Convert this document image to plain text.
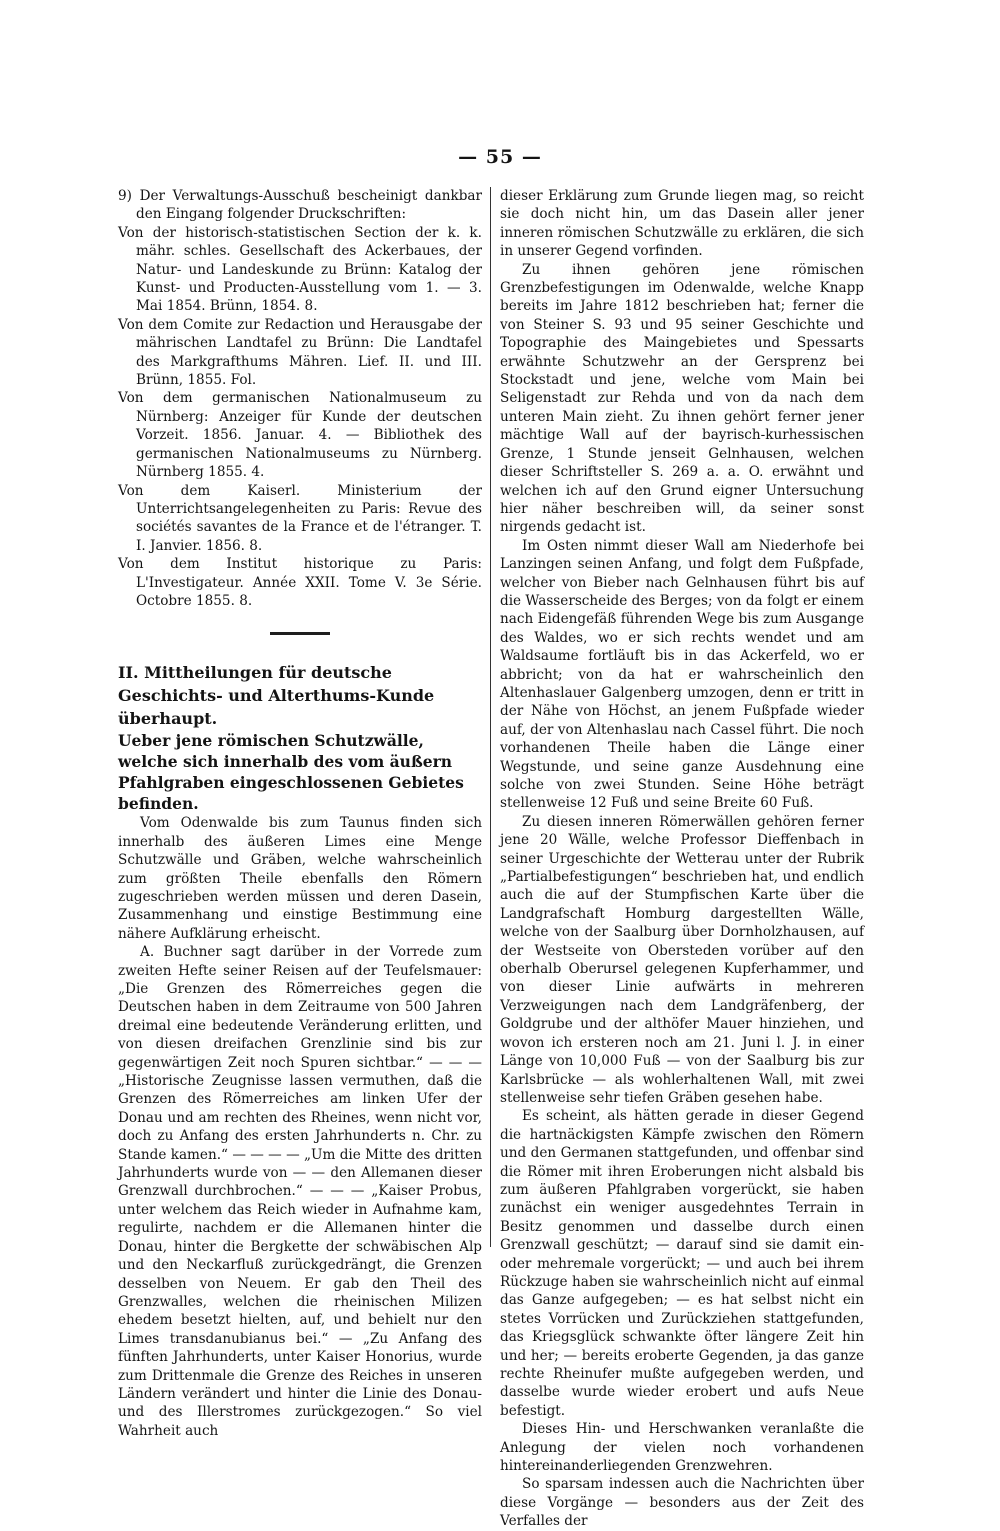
— 55 —

9) Der Verwaltungs-Ausschuß bescheinigt dankbar den Eingang folgender Druckschriften:

Von der historisch-statistischen Section der k. k. mähr. schles. Gesellschaft des Ackerbaues, der Natur- und Landeskunde zu Brünn: Katalog der Kunst- und Producten-Ausstellung vom 1. — 3. Mai 1854. Brünn, 1854. 8.

Von dem Comite zur Redaction und Herausgabe der mährischen Landtafel zu Brünn: Die Landtafel des Markgrafthums Mähren. Lief. II. und III. Brünn, 1855. Fol.

Von dem germanischen Nationalmuseum zu Nürnberg: Anzeiger für Kunde der deutschen Vorzeit. 1856. Januar. 4. — Bibliothek des germanischen Nationalmuseums zu Nürnberg. Nürnberg 1855. 4.

Von dem Kaiserl. Ministerium der Unterrichtsangelegenheiten zu Paris: Revue des sociétés savantes de la France et de l'étranger. T. I. Janvier. 1856. 8.

Von dem Institut historique zu Paris: L'Investigateur. Année XXII. Tome V. 3e Série. Octobre 1855. 8.

II. Mittheilungen für deutsche Geschichts- und Alterthums-Kunde überhaupt.

Ueber jene römischen Schutzwälle, welche sich innerhalb des vom äußern Pfahlgraben eingeschlossenen Gebietes befinden.

Vom Odenwalde bis zum Taunus finden sich innerhalb des äußeren Limes eine Menge Schutzwälle und Gräben, welche wahrscheinlich zum größten Theile ebenfalls den Römern zugeschrieben werden müssen und deren Dasein, Zusammenhang und einstige Bestimmung eine nähere Aufklärung erheischt.

A. Buchner sagt darüber in der Vorrede zum zweiten Hefte seiner Reisen auf der Teufelsmauer: „Die Grenzen des Römerreiches gegen die Deutschen haben in dem Zeitraume von 500 Jahren dreimal eine bedeutende Veränderung erlitten, und von diesen dreifachen Grenzlinie sind bis zur gegenwärtigen Zeit noch Spuren sichtbar.“ — — — „Historische Zeugnisse lassen vermuthen, daß die Grenzen des Römerreiches am linken Ufer der Donau und am rechten des Rheines, wenn nicht vor, doch zu Anfang des ersten Jahrhunderts n. Chr. zu Stande kamen.“ — — — — „Um die Mitte des dritten Jahrhunderts wurde von — — den Allemanen dieser Grenzwall durchbrochen.“ — — — „Kaiser Probus, unter welchem das Reich wieder in Aufnahme kam, regulirte, nachdem er die Allemanen hinter die Donau, hinter die Bergkette der schwäbischen Alp und den Neckarfluß zurückgedrängt, die Grenzen desselben von Neuem. Er gab den Theil des Grenzwalles, welchen die rheinischen Milizen ehedem besetzt hielten, auf, und behielt nur den Limes transdanubianus bei.“ — „Zu Anfang des fünften Jahrhunderts, unter Kaiser Honorius, wurde zum Drittenmale die Grenze des Reiches in unseren Ländern verändert und hinter die Linie des Donau- und des Illerstromes zurückgezogen.“ So viel Wahrheit auch

dieser Erklärung zum Grunde liegen mag, so reicht sie doch nicht hin, um das Dasein aller jener inneren römischen Schutzwälle zu erklären, die sich in unserer Gegend vorfinden.

Zu ihnen gehören jene römischen Grenzbefestigungen im Odenwalde, welche Knapp bereits im Jahre 1812 beschrieben hat; ferner die von Steiner S. 93 und 95 seiner Geschichte und Topographie des Maingebietes und Spessarts erwähnte Schutzwehr an der Gersprenz bei Stockstadt und jene, welche vom Main bei Seligenstadt zur Rehda und von da nach dem unteren Main zieht. Zu ihnen gehört ferner jener mächtige Wall auf der bayrisch-kurhessischen Grenze, 1 Stunde jenseit Gelnhausen, welchen dieser Schriftsteller S. 269 a. a. O. erwähnt und welchen ich auf den Grund eigner Untersuchung hier näher beschreiben will, da seiner sonst nirgends gedacht ist.

Im Osten nimmt dieser Wall am Niederhofe bei Lanzingen seinen Anfang, und folgt dem Fußpfade, welcher von Bieber nach Gelnhausen führt bis auf die Wasserscheide des Berges; von da folgt er einem nach Eidengefäß führenden Wege bis zum Ausgange des Waldes, wo er sich rechts wendet und am Waldsaume fortläuft bis in das Ackerfeld, wo er abbricht; von da hat er wahrscheinlich den Altenhaslauer Galgenberg umzogen, denn er tritt in der Nähe von Höchst, an jenem Fußpfade wieder auf, der von Altenhaslau nach Cassel führt. Die noch vorhandenen Theile haben die Länge einer Wegstunde, und seine ganze Ausdehnung eine solche von zwei Stunden. Seine Höhe beträgt stellenweise 12 Fuß und seine Breite 60 Fuß.

Zu diesen inneren Römerwällen gehören ferner jene 20 Wälle, welche Professor Dieffenbach in seiner Urgeschichte der Wetterau unter der Rubrik „Partialbefestigungen“ beschrieben hat, und endlich auch die auf der Stumpfischen Karte über die Landgrafschaft Homburg dargestellten Wälle, welche von der Saalburg über Dornholzhausen, auf der Westseite von Obersteden vorüber auf den oberhalb Oberursel gelegenen Kupferhammer, und von dieser Linie aufwärts in mehreren Verzweigungen nach dem Landgräfenberg, der Goldgrube und der althöfer Mauer hinziehen, und wovon ich ersteren noch am 21. Juni l. J. in einer Länge von 10,000 Fuß — von der Saalburg bis zur Karlsbrücke — als wohlerhaltenen Wall, mit zwei stellenweise sehr tiefen Gräben gesehen habe.

Es scheint, als hätten gerade in dieser Gegend die hartnäckigsten Kämpfe zwischen den Römern und den Germanen stattgefunden, und offenbar sind die Römer mit ihren Eroberungen nicht alsbald bis zum äußeren Pfahlgraben vorgerückt, sie haben zunächst ein weniger ausgedehntes Terrain in Besitz genommen und dasselbe durch einen Grenzwall geschützt; — darauf sind sie damit ein- oder mehremale vorgerückt; — und auch bei ihrem Rückzuge haben sie wahrscheinlich nicht auf einmal das Ganze aufgegeben; — es hat selbst nicht ein stetes Vorrücken und Zurückziehen stattgefunden, das Kriegsglück schwankte öfter längere Zeit hin und her; — bereits eroberte Gegenden, ja das ganze rechte Rheinufer mußte aufgegeben werden, und dasselbe wurde wieder erobert und aufs Neue befestigt.

Dieses Hin- und Herschwanken veranlaßte die Anlegung der vielen noch vorhandenen hintereinanderliegenden Grenzwehren.

So sparsam indessen auch die Nachrichten über diese Vorgänge — besonders aus der Zeit des Verfalles der
